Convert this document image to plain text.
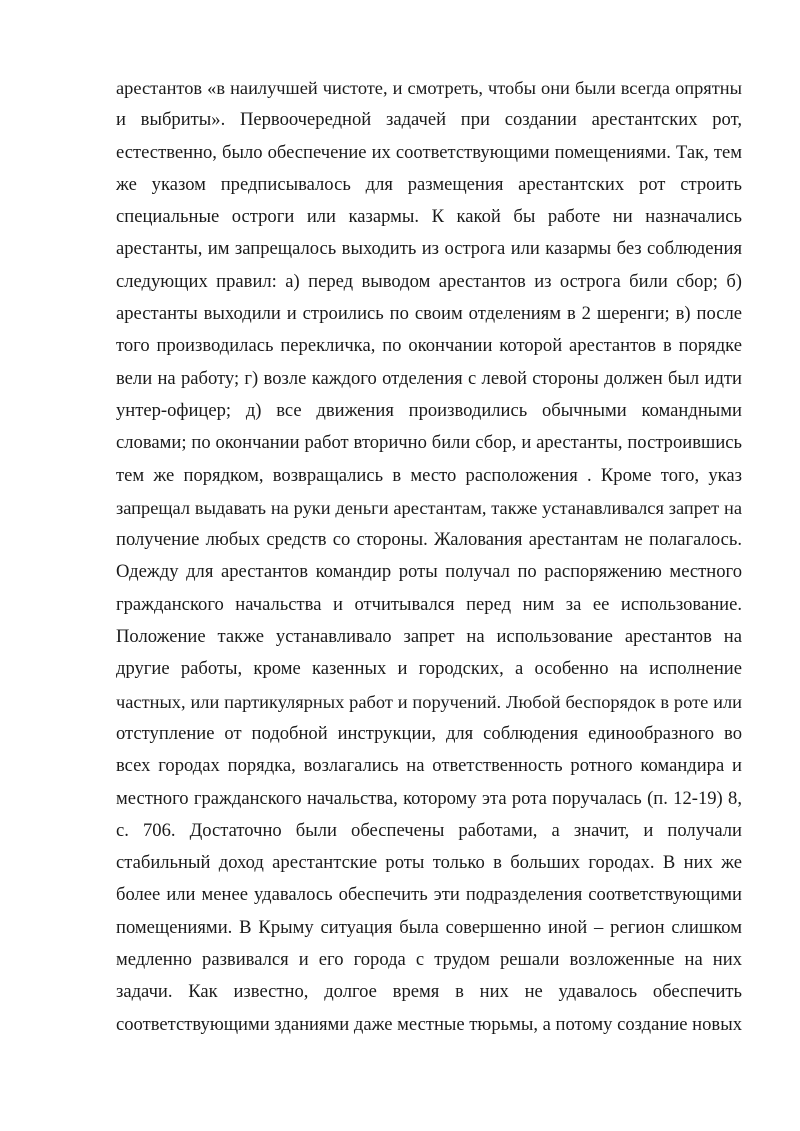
арестантов «в наилучшей чистоте, и смотреть, чтобы они были всегда опрятны
и выбриты». Первоочередной задачей при создании арестантских рот,
естественно, было обеспечение их соответствующими помещениями. Так, тем
же указом предписывалось для размещения арестантских рот строить
специальные остроги или казармы. К какой бы работе ни назначались
арестанты, им запрещалось выходить из острога или казармы без соблюдения
следующих правил: а) перед выводом арестантов из острога били сбор; б)
арестанты выходили и строились по своим отделениям в 2 шеренги; в) после
того производилась перекличка, по окончании которой арестантов в порядке
вели на работу; г) возле каждого отделения с левой стороны должен был идти
унтер-офицер; д) все движения производились обычными командными
словами; по окончании работ вторично били сбор, и арестанты, построившись
тем же порядком, возвращались в место расположения . Кроме того, указ
запрещал выдавать на руки деньги арестантам, также устанавливался запрет на
получение любых средств со стороны. Жалования арестантам не полагалось.
Одежду для арестантов командир роты получал по распоряжению местного
гражданского начальства и отчитывался перед ним за ее использование.
Положение также устанавливало запрет на использование арестантов на
другие работы, кроме казенных и городских, а особенно на исполнение
частных, или партикулярных работ и поручений. Любой беспорядок в роте или
отступление от подобной инструкции, для соблюдения единообразного во
всех городах порядка, возлагались на ответственность ротного командира и
местного гражданского начальства, которому эта рота поручалась (п. 12-19) 8,
с. 706. Достаточно были обеспечены работами, а значит, и получали
стабильный доход арестантские роты только в больших городах. В них же
более или менее удавалось обеспечить эти подразделения соответствующими
помещениями. В Крыму ситуация была совершенно иной – регион слишком
медленно развивался и его города с трудом решали возложенные на них
задачи. Как известно, долгое время в них не удавалось обеспечить
соответствующими зданиями даже местные тюрьмы, а потому создание новых
